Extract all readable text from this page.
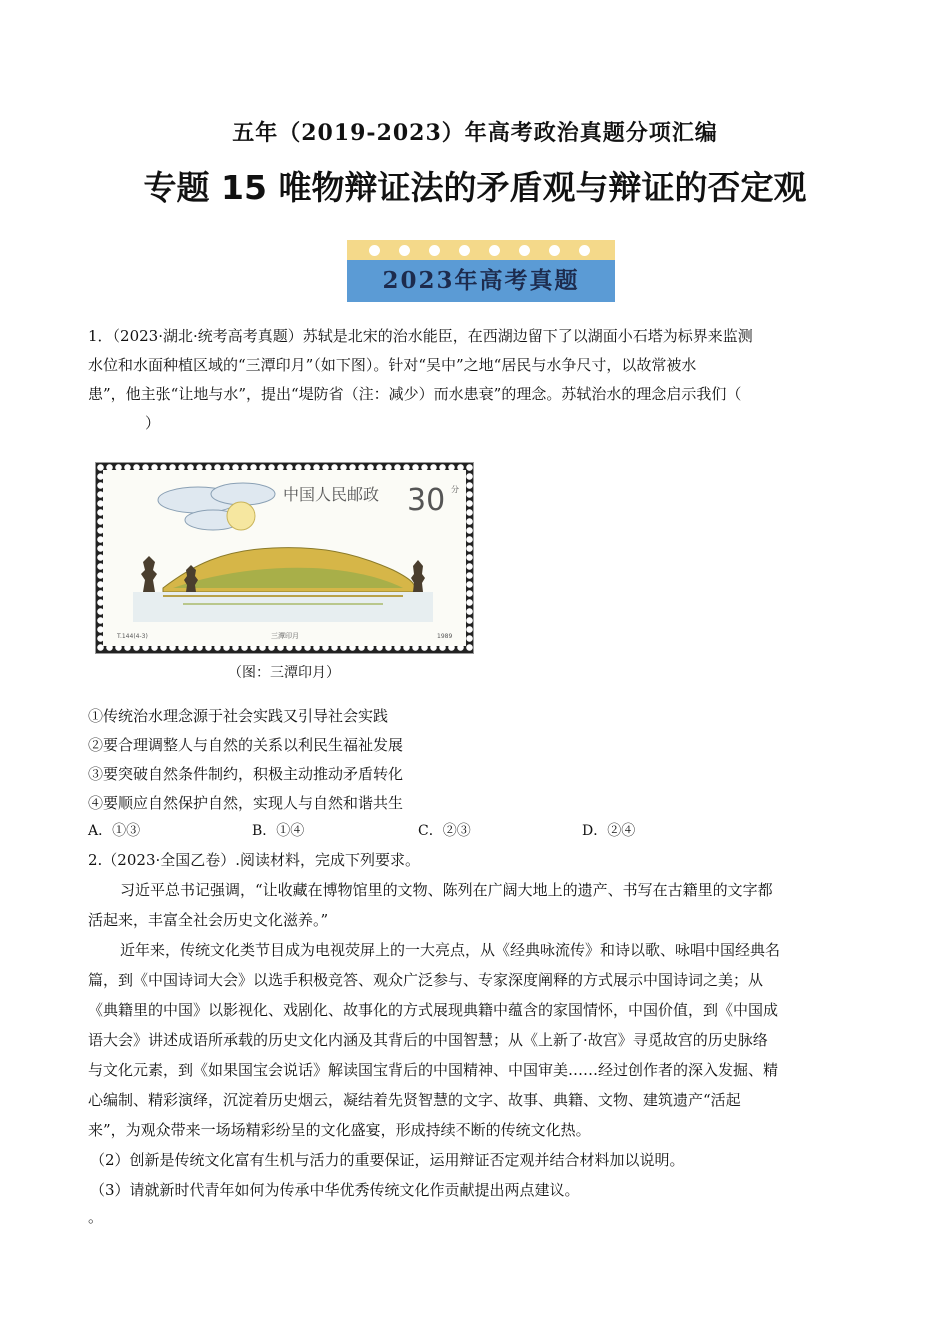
五年（2019-2023）年高考政治真题分项汇编
专题 15 唯物辩证法的矛盾观与辩证的否定观
2023年高考真题
1．（2023·湖北·统考高考真题）苏轼是北宋的治水能臣，在西湖边留下了以湖面小石塔为标界来监测
水位和水面种植区域的“三潭印月”（如下图）。针对“吴中”之地“居民与水争尺寸，以故常被水
患”，他主张“让地与水”，提出“堤防省（注：减少）而水患衰”的理念。苏轼治水的理念启示我们（
）
中国人民邮政 30 分
T.144(4-3)	三潭印月	1989
（图：三潭印月）
①传统治水理念源于社会实践又引导社会实践
②要合理调整人与自然的关系以利民生福祉发展
③要突破自然条件制约，积极主动推动矛盾转化
④要顺应自然保护自然，实现人与自然和谐共生
A．①③	B．①④	C．②③	D．②④
2.（2023·全国乙卷）.阅读材料，完成下列要求。
习近平总书记强调，“让收藏在博物馆里的文物、陈列在广阔大地上的遗产、书写在古籍里的文字都
活起来，丰富全社会历史文化滋养。”
近年来，传统文化类节目成为电视荧屏上的一大亮点，从《经典咏流传》和诗以歌、咏唱中国经典名
篇，到《中国诗词大会》以选手积极竞答、观众广泛参与、专家深度阐释的方式展示中国诗词之美；从
《典籍里的中国》以影视化、戏剧化、故事化的方式展现典籍中蕴含的家国情怀，中国价值，到《中国成
语大会》讲述成语所承载的历史文化内涵及其背后的中国智慧；从《上新了·故宫》寻觅故宫的历史脉络
与文化元素，到《如果国宝会说话》解读国宝背后的中国精神、中国审美……经过创作者的深入发掘、精
心编制、精彩演绎，沉淀着历史烟云，凝结着先贤智慧的文字、故事、典籍、文物、建筑遗产“活起
来”，为观众带来一场场精彩纷呈的文化盛宴，形成持续不断的传统文化热。
（2）创新是传统文化富有生机与活力的重要保证，运用辩证否定观并结合材料加以说明。
（3）请就新时代青年如何为传承中华优秀传统文化作贡献提出两点建议。
。
